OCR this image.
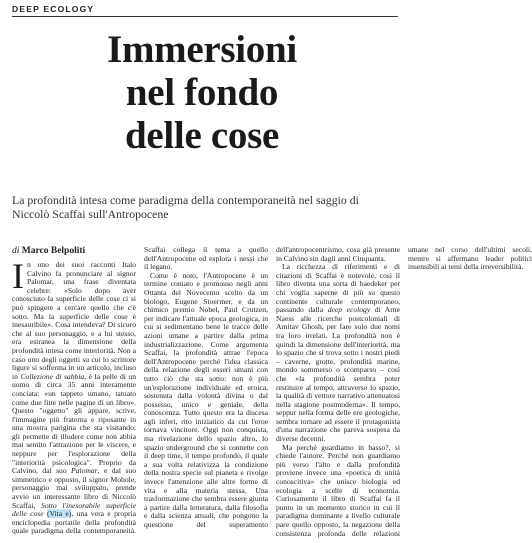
DEEP ECOLOGY
Immersioni
nel fondo
delle cose

La profondità intesa come paradigma della contemporaneità nel saggio di Niccolò Scaffai sull'Antropocene

di Marco Belpoliti

In uno dei suoi racconti Italo Calvino fa pronunciare al signor Palomar, una frase diventata celebre: «Solo dopo aver conosciuto la superficie delle cose ci si può spingere a cercare quello che c'è sotto. Ma la superficie delle cose è inesauribile». Cosa intendeva? Di sicuro che al suo personaggio, e a lui stesso, era estranea la dimensione della profondità intesa come interiorità. Non a caso uno degli oggetti su cui lo scrittore ligure si sofferma in un articolo, incluso in Collezione di sabbia, è la pelle di un uomo di circa 35 anni interamente conciata: «un tappeto umano, tatuato come due fitte nelle pagine di un libro». Questo "oggetto" gli appare, scrive, l'immagine più fraterna e riposante in una mostra parigina che sta visitando; gli permette di illudere come non abbia mai sentito l'attrazione per le viscere, e neppure per l'esplorazione della "interiorità psicologica". Proprio da Calvino, dal suo Palomar, e dal suo simmetrico e opposto, il signor Mohole, personaggio mai sviluppato, prende avvio un interessante libro di Niccolò Scaffai, Sotto l'inesorabile superficie delle cose (Vita e), una vera e propria enciclopedia portatile della profondità quale paradigma della contemporaneità. Scaffai collega il tema a quello dell'Antropocene ed esplora i nessi che il legano.

Come è noto, l'Antropocene è un termine coniato e promosso negli anni Ottanta del Novecento scelto da un biologo, Eugene Stoermer, e da un chimico premio Nobel, Paul Crutzen, per indicare l'attuale epoca geologica, in cui si sedimentano bene le tracce delle azioni umane a partire dalla prima industrializzazione. Come argomenta Scaffai, la profondità attrae l'epoca dell'Antropocene perché l'idea classica della relazione degli esseri umani con tutto ciò che sta sotto: non è più un'esplorazione individuale ed eroica, sostenuta dalla volontà divina o dal possesso, unico e geniale, della conoscenza. Tutto questo era la discesa agli inferi, rito iniziatico da cui l'eroe tornava vincitore. Oggi non conquista, ma rivelazione dello spazio altro, lo spazio underground che si connette con il deep time, il tempo profondo, il quale a sua volta relativizza la condizione della nostra specie sul pianeta e rivolge invece l'attenzione alle altre forme di vita e alla materia stessa. Una trasformazione che sembra essere giunta a partire dalla letteratura, dalla filosofia e dalla scienza attuali, che pongono la questione del superamento dell'antropocentrismo, cosa già presente in Calvino sin dagli anni Cinquanta.

La ricchezza di riferimenti e di citazioni di Scaffai è notevole, così il libro diventa una sorta di baedeker per chi voglia saperne di più su questo continente culturale contemporaneo, passando dalla deep ecology di Arne Naess alle ricerche postcoloniali di Amitav Ghosh, per fare solo due nomi tra loro irrelati. La profondità non è quindi la dimensione dell'interiorità, ma lo spazio che si trova sotto i nostri piedi – caverne, grotte, profondità marine, mondo sommerso o scomparso – così che «la profondità sembra poter restituire al tempo, attraverso lo spazio, la qualità di vettore narrativo attenuatosi nella stagione postmoderna». Il tempo, seppur nella forma delle ere geologiche, sembra tornare ad essere il protagonista d'una narrazione che pareva sospesa da diverse decenni.

Ma perché guardiamo in basso?, si chiede l'autore. Perché non guardiamo più verso l'alto e dalla profondità proviene invece una «poetica di unità conoscitiva» che unisce biologia ed ecologia a scelte di economia. Curiosamente il libro di Scaffai fa il punto in un momento storico in cui il paradigma dominante a livello culturale pare quello opposto, la negazione della consistenza profonda delle relazioni umane nel corso dell'ultimi secoli, mentre si affermano leader politici insensibili ai temi della irreversibilità.
